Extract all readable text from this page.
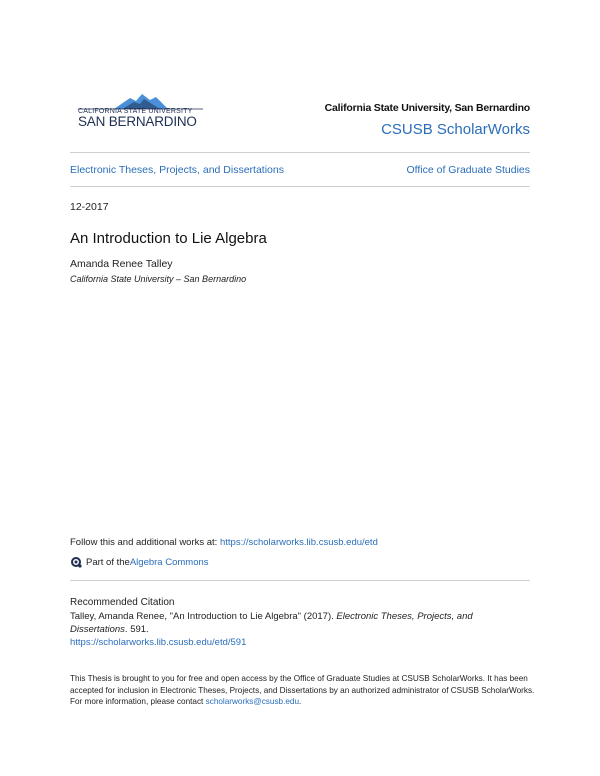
CALIFORNIA STATE UNIVERSITY
SAN BERNARDINO
California State University, San Bernardino
CSUSB ScholarWorks
Electronic Theses, Projects, and Dissertations	Office of Graduate Studies
12-2017
An Introduction to Lie Algebra
Amanda Renee Talley
California State University – San Bernardino
Follow this and additional works at: https://scholarworks.lib.csusb.edu/etd
Part of the Algebra Commons
Recommended Citation
Talley, Amanda Renee, "An Introduction to Lie Algebra" (2017). Electronic Theses, Projects, and Dissertations. 591.
https://scholarworks.lib.csusb.edu/etd/591
This Thesis is brought to you for free and open access by the Office of Graduate Studies at CSUSB ScholarWorks. It has been accepted for inclusion in Electronic Theses, Projects, and Dissertations by an authorized administrator of CSUSB ScholarWorks. For more information, please contact scholarworks@csusb.edu.
